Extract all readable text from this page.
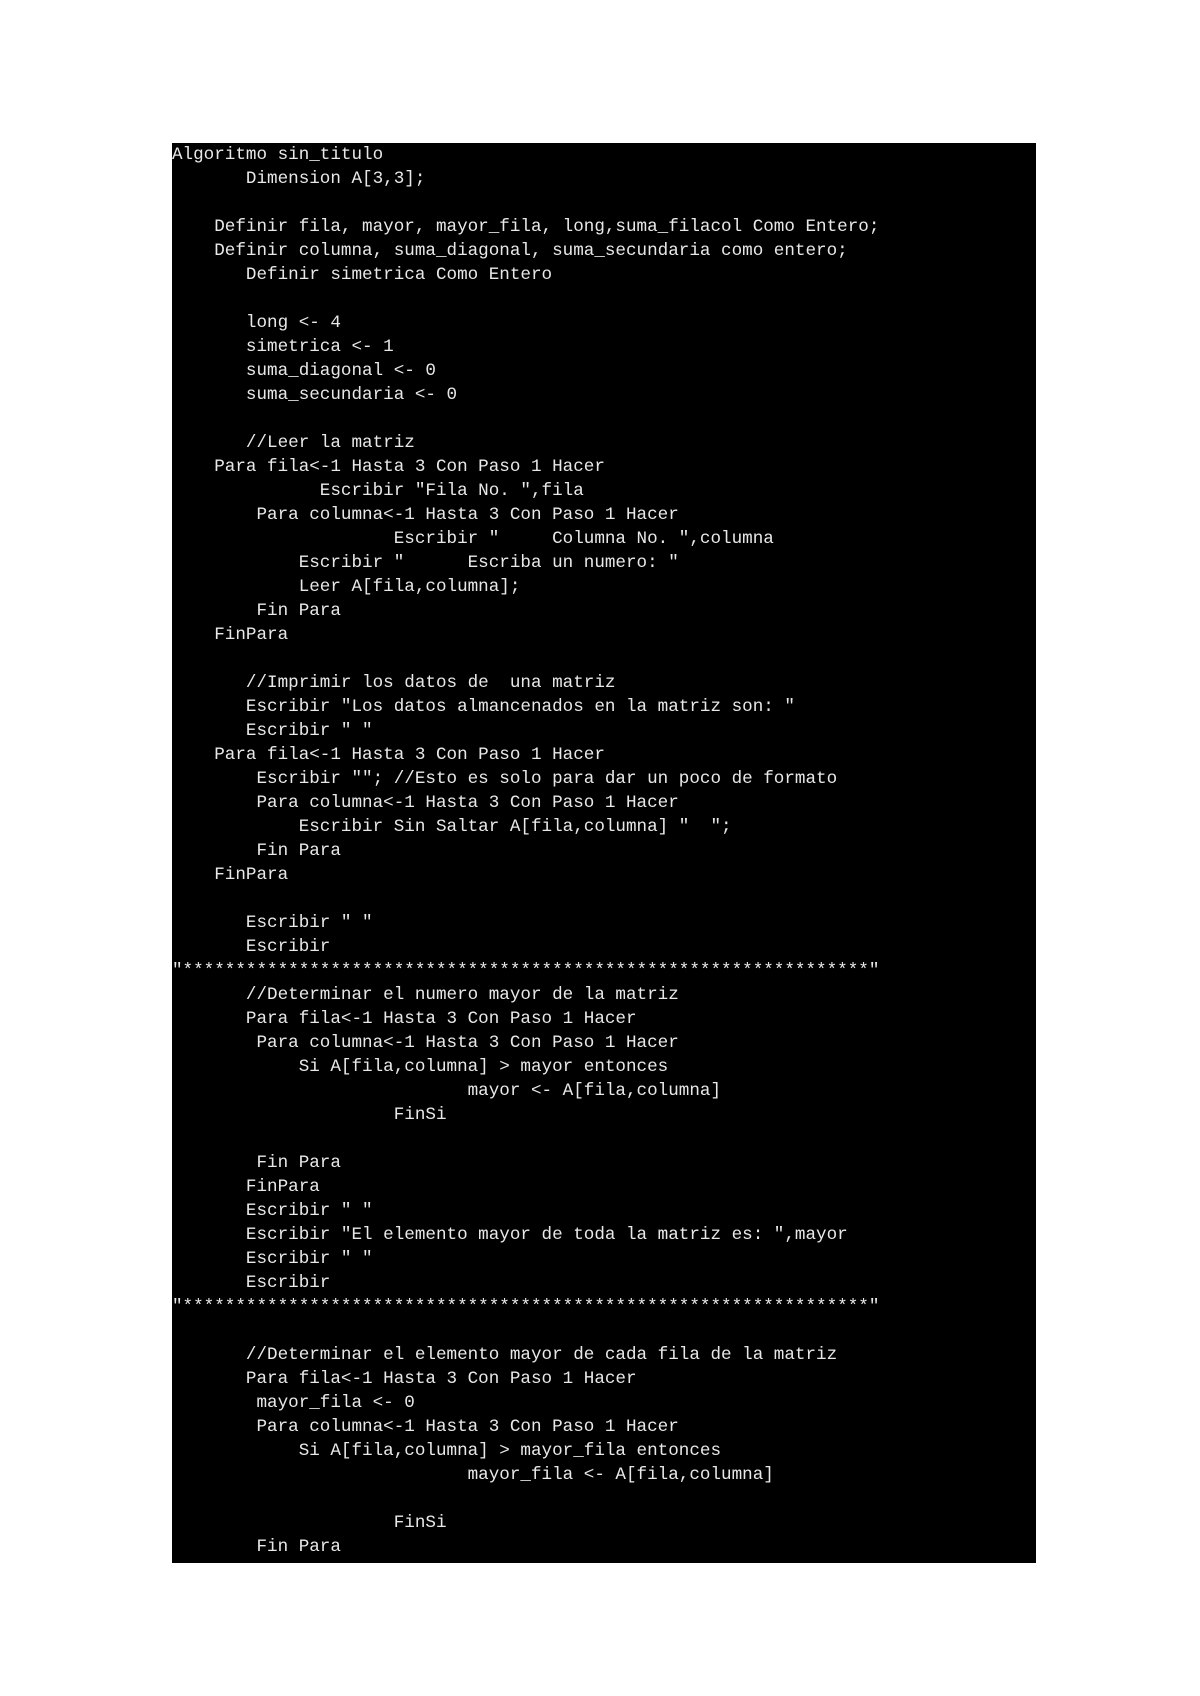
Algoritmo sin_titulo
Dimension A[3,3];
Definir fila, mayor, mayor_fila, long,suma_filacol Como Entero;
Definir columna, suma_diagonal, suma_secundaria como entero;
Definir simetrica Como Entero
long <- 4
simetrica <- 1
suma_diagonal <- 0
suma_secundaria <- 0
//Leer la matriz
Para fila<-1 Hasta 3 Con Paso 1 Hacer
Escribir "Fila No. ",fila
Para columna<-1 Hasta 3 Con Paso 1 Hacer
Escribir "     Columna No. ",columna
Escribir "      Escriba un numero: "
Leer A[fila,columna];
Fin Para
FinPara
//Imprimir los datos de  una matriz
Escribir "Los datos almancenados en la matriz son: "
Escribir " "
Para fila<-1 Hasta 3 Con Paso 1 Hacer
Escribir ""; //Esto es solo para dar un poco de formato
Para columna<-1 Hasta 3 Con Paso 1 Hacer
Escribir Sin Saltar A[fila,columna] "  ";
Fin Para
FinPara
Escribir " "
Escribir
"*****************************************************************"
//Determinar el numero mayor de la matriz
Para fila<-1 Hasta 3 Con Paso 1 Hacer
Para columna<-1 Hasta 3 Con Paso 1 Hacer
Si A[fila,columna] > mayor entonces
mayor <- A[fila,columna]
FinSi
Fin Para
FinPara
Escribir " "
Escribir "El elemento mayor de toda la matriz es: ",mayor
Escribir " "
Escribir
"*****************************************************************"
//Determinar el elemento mayor de cada fila de la matriz
Para fila<-1 Hasta 3 Con Paso 1 Hacer
mayor_fila <- 0
Para columna<-1 Hasta 3 Con Paso 1 Hacer
Si A[fila,columna] > mayor_fila entonces
mayor_fila <- A[fila,columna]
FinSi
Fin Para
